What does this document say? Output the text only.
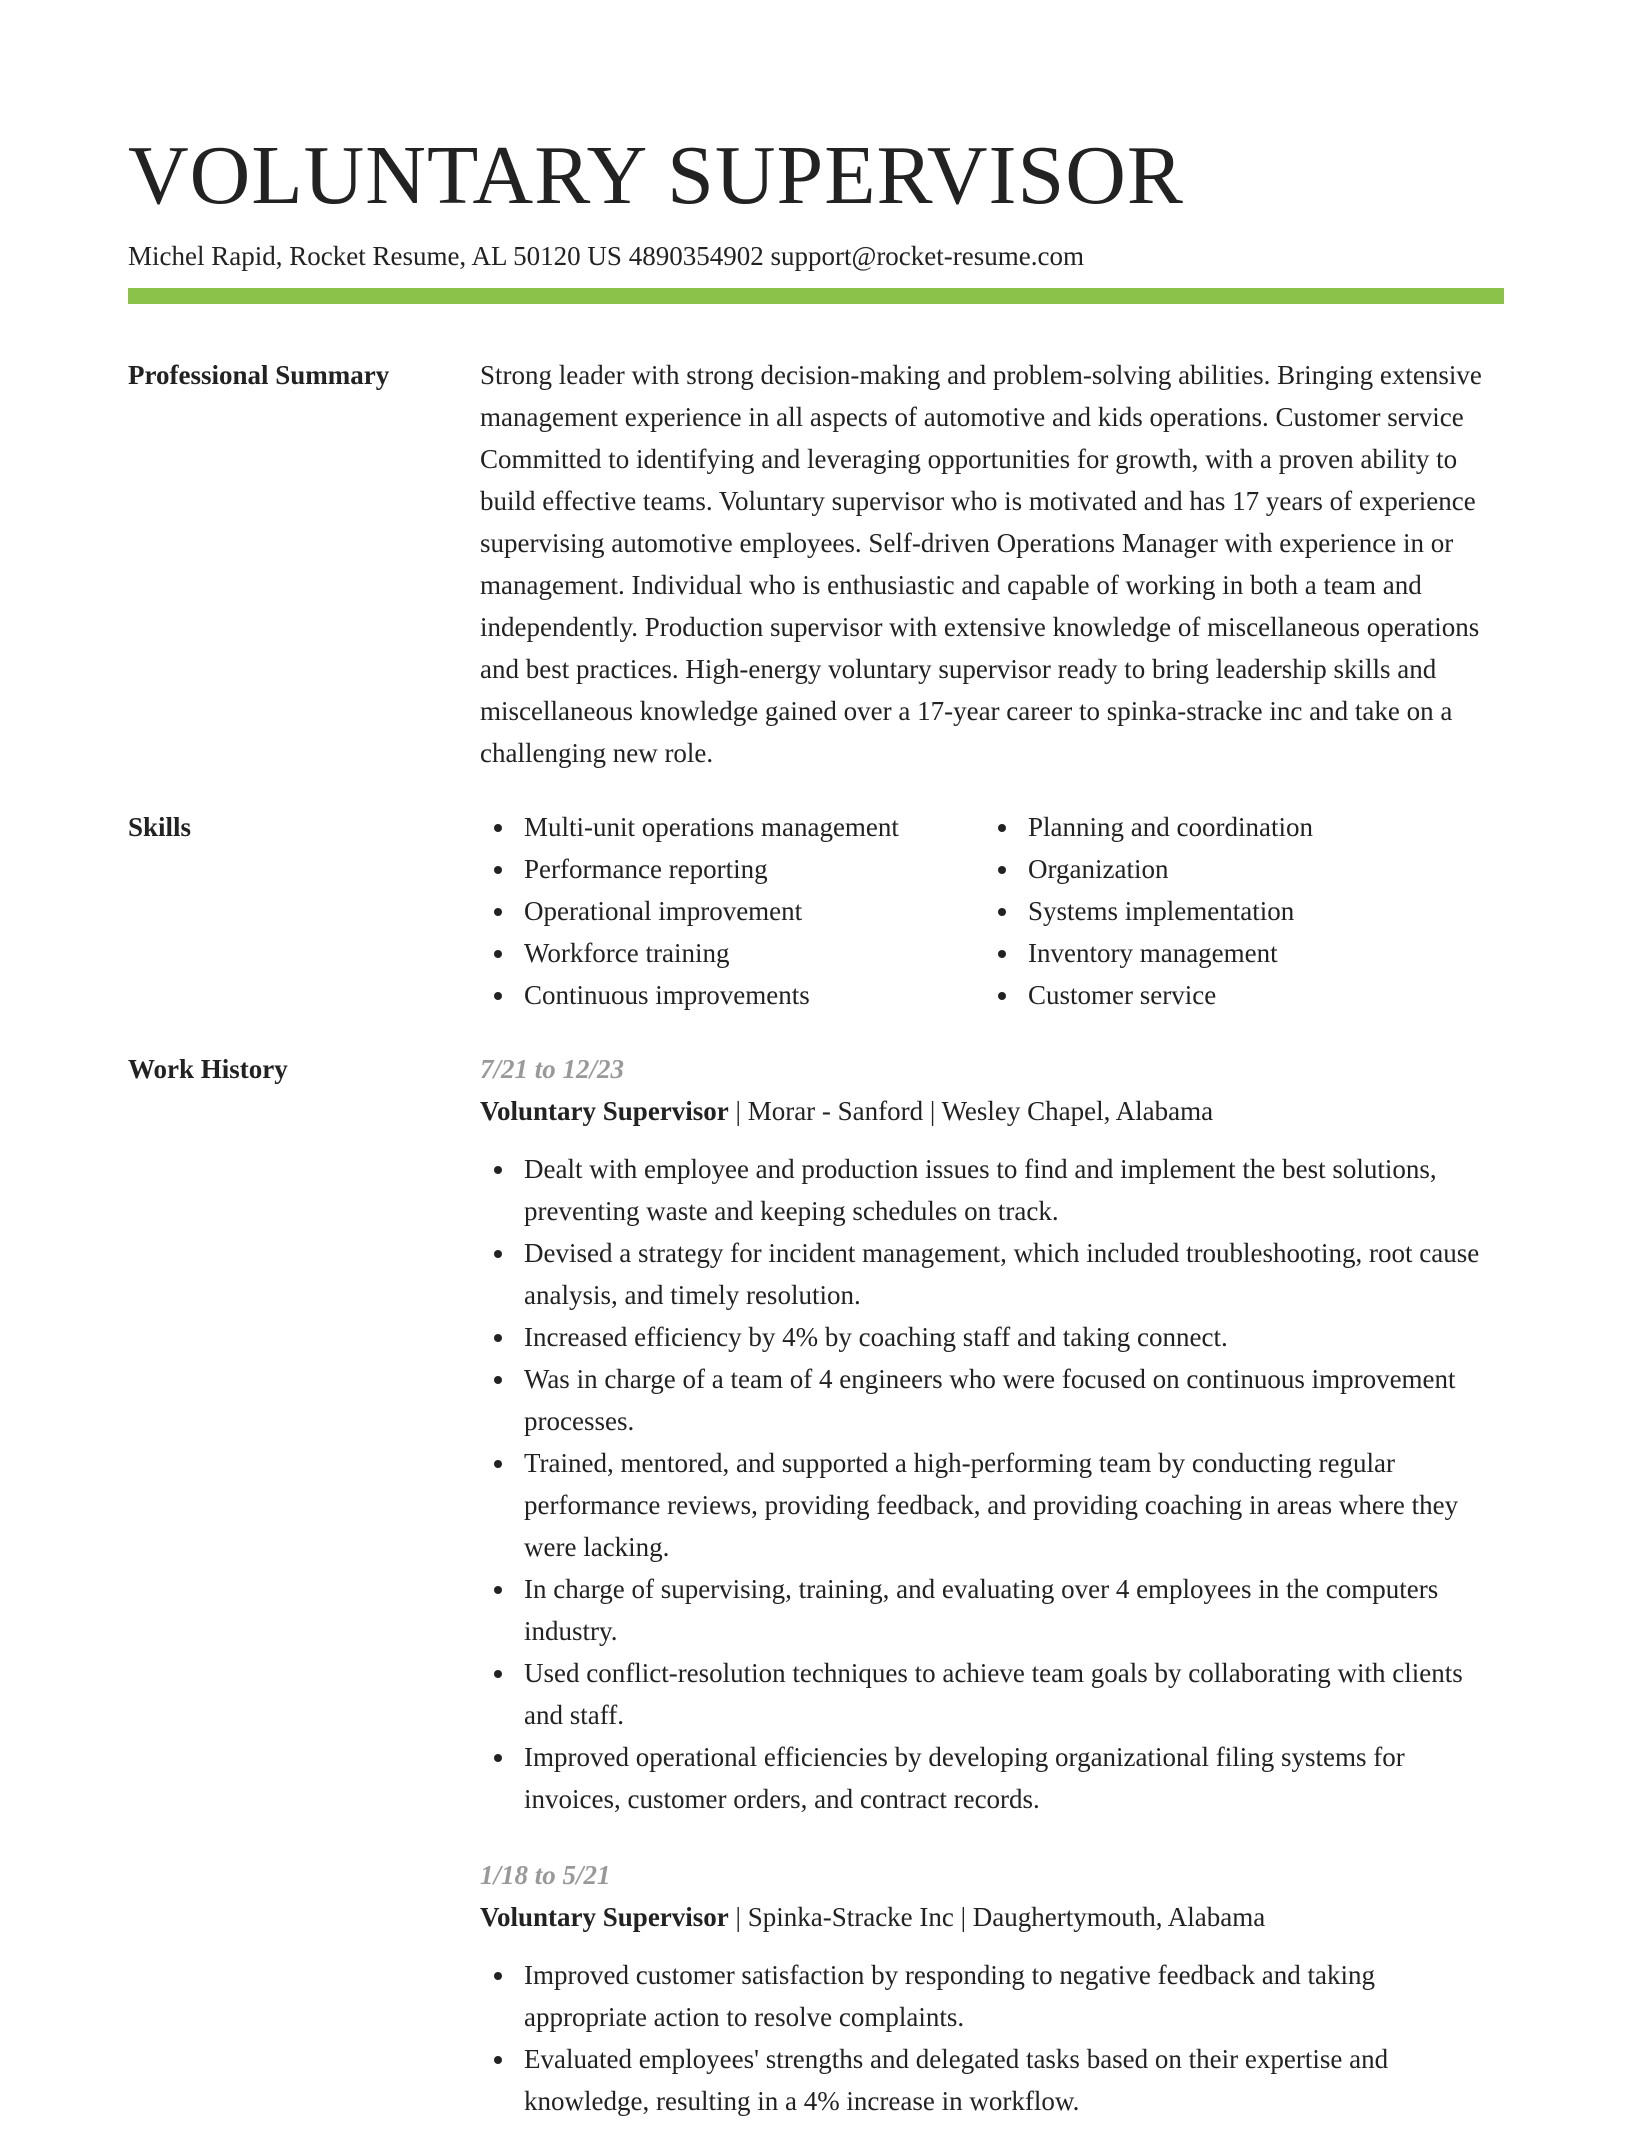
VOLUNTARY SUPERVISOR
Michel Rapid, Rocket Resume, AL 50120 US 4890354902 support@rocket-resume.com
Professional Summary	Strong leader with strong decision-making and problem-solving abilities. Bringing extensive management experience in all aspects of automotive and kids operations. Customer service Committed to identifying and leveraging opportunities for growth, with a proven ability to build effective teams. Voluntary supervisor who is motivated and has 17 years of experience supervising automotive employees. Self-driven Operations Manager with experience in or management. Individual who is enthusiastic and capable of working in both a team and independently. Production supervisor with extensive knowledge of miscellaneous operations and best practices. High-energy voluntary supervisor ready to bring leadership skills and miscellaneous knowledge gained over a 17-year career to spinka-stracke inc and take on a challenging new role.

Skills	Multi-unit operations management
Performance reporting
Operational improvement
Workforce training
Continuous improvements
Planning and coordination
Organization
Systems implementation
Inventory management
Customer service
Work History	7/21 to 12/23
Voluntary Supervisor | Morar - Sanford | Wesley Chapel, Alabama
Dealt with employee and production issues to find and implement the best solutions, preventing waste and keeping schedules on track.
Devised a strategy for incident management, which included troubleshooting, root cause analysis, and timely resolution.
Increased efficiency by 4% by coaching staff and taking connect.
Was in charge of a team of 4 engineers who were focused on continuous improvement processes.
Trained, mentored, and supported a high-performing team by conducting regular performance reviews, providing feedback, and providing coaching in areas where they were lacking.
In charge of supervising, training, and evaluating over 4 employees in the computers industry.
Used conflict-resolution techniques to achieve team goals by collaborating with clients and staff.
Improved operational efficiencies by developing organizational filing systems for invoices, customer orders, and contract records.
1/18 to 5/21
Voluntary Supervisor | Spinka-Stracke Inc | Daughertymouth, Alabama
Improved customer satisfaction by responding to negative feedback and taking appropriate action to resolve complaints.
Evaluated employees' strengths and delegated tasks based on their expertise and knowledge, resulting in a 4% increase in workflow.
